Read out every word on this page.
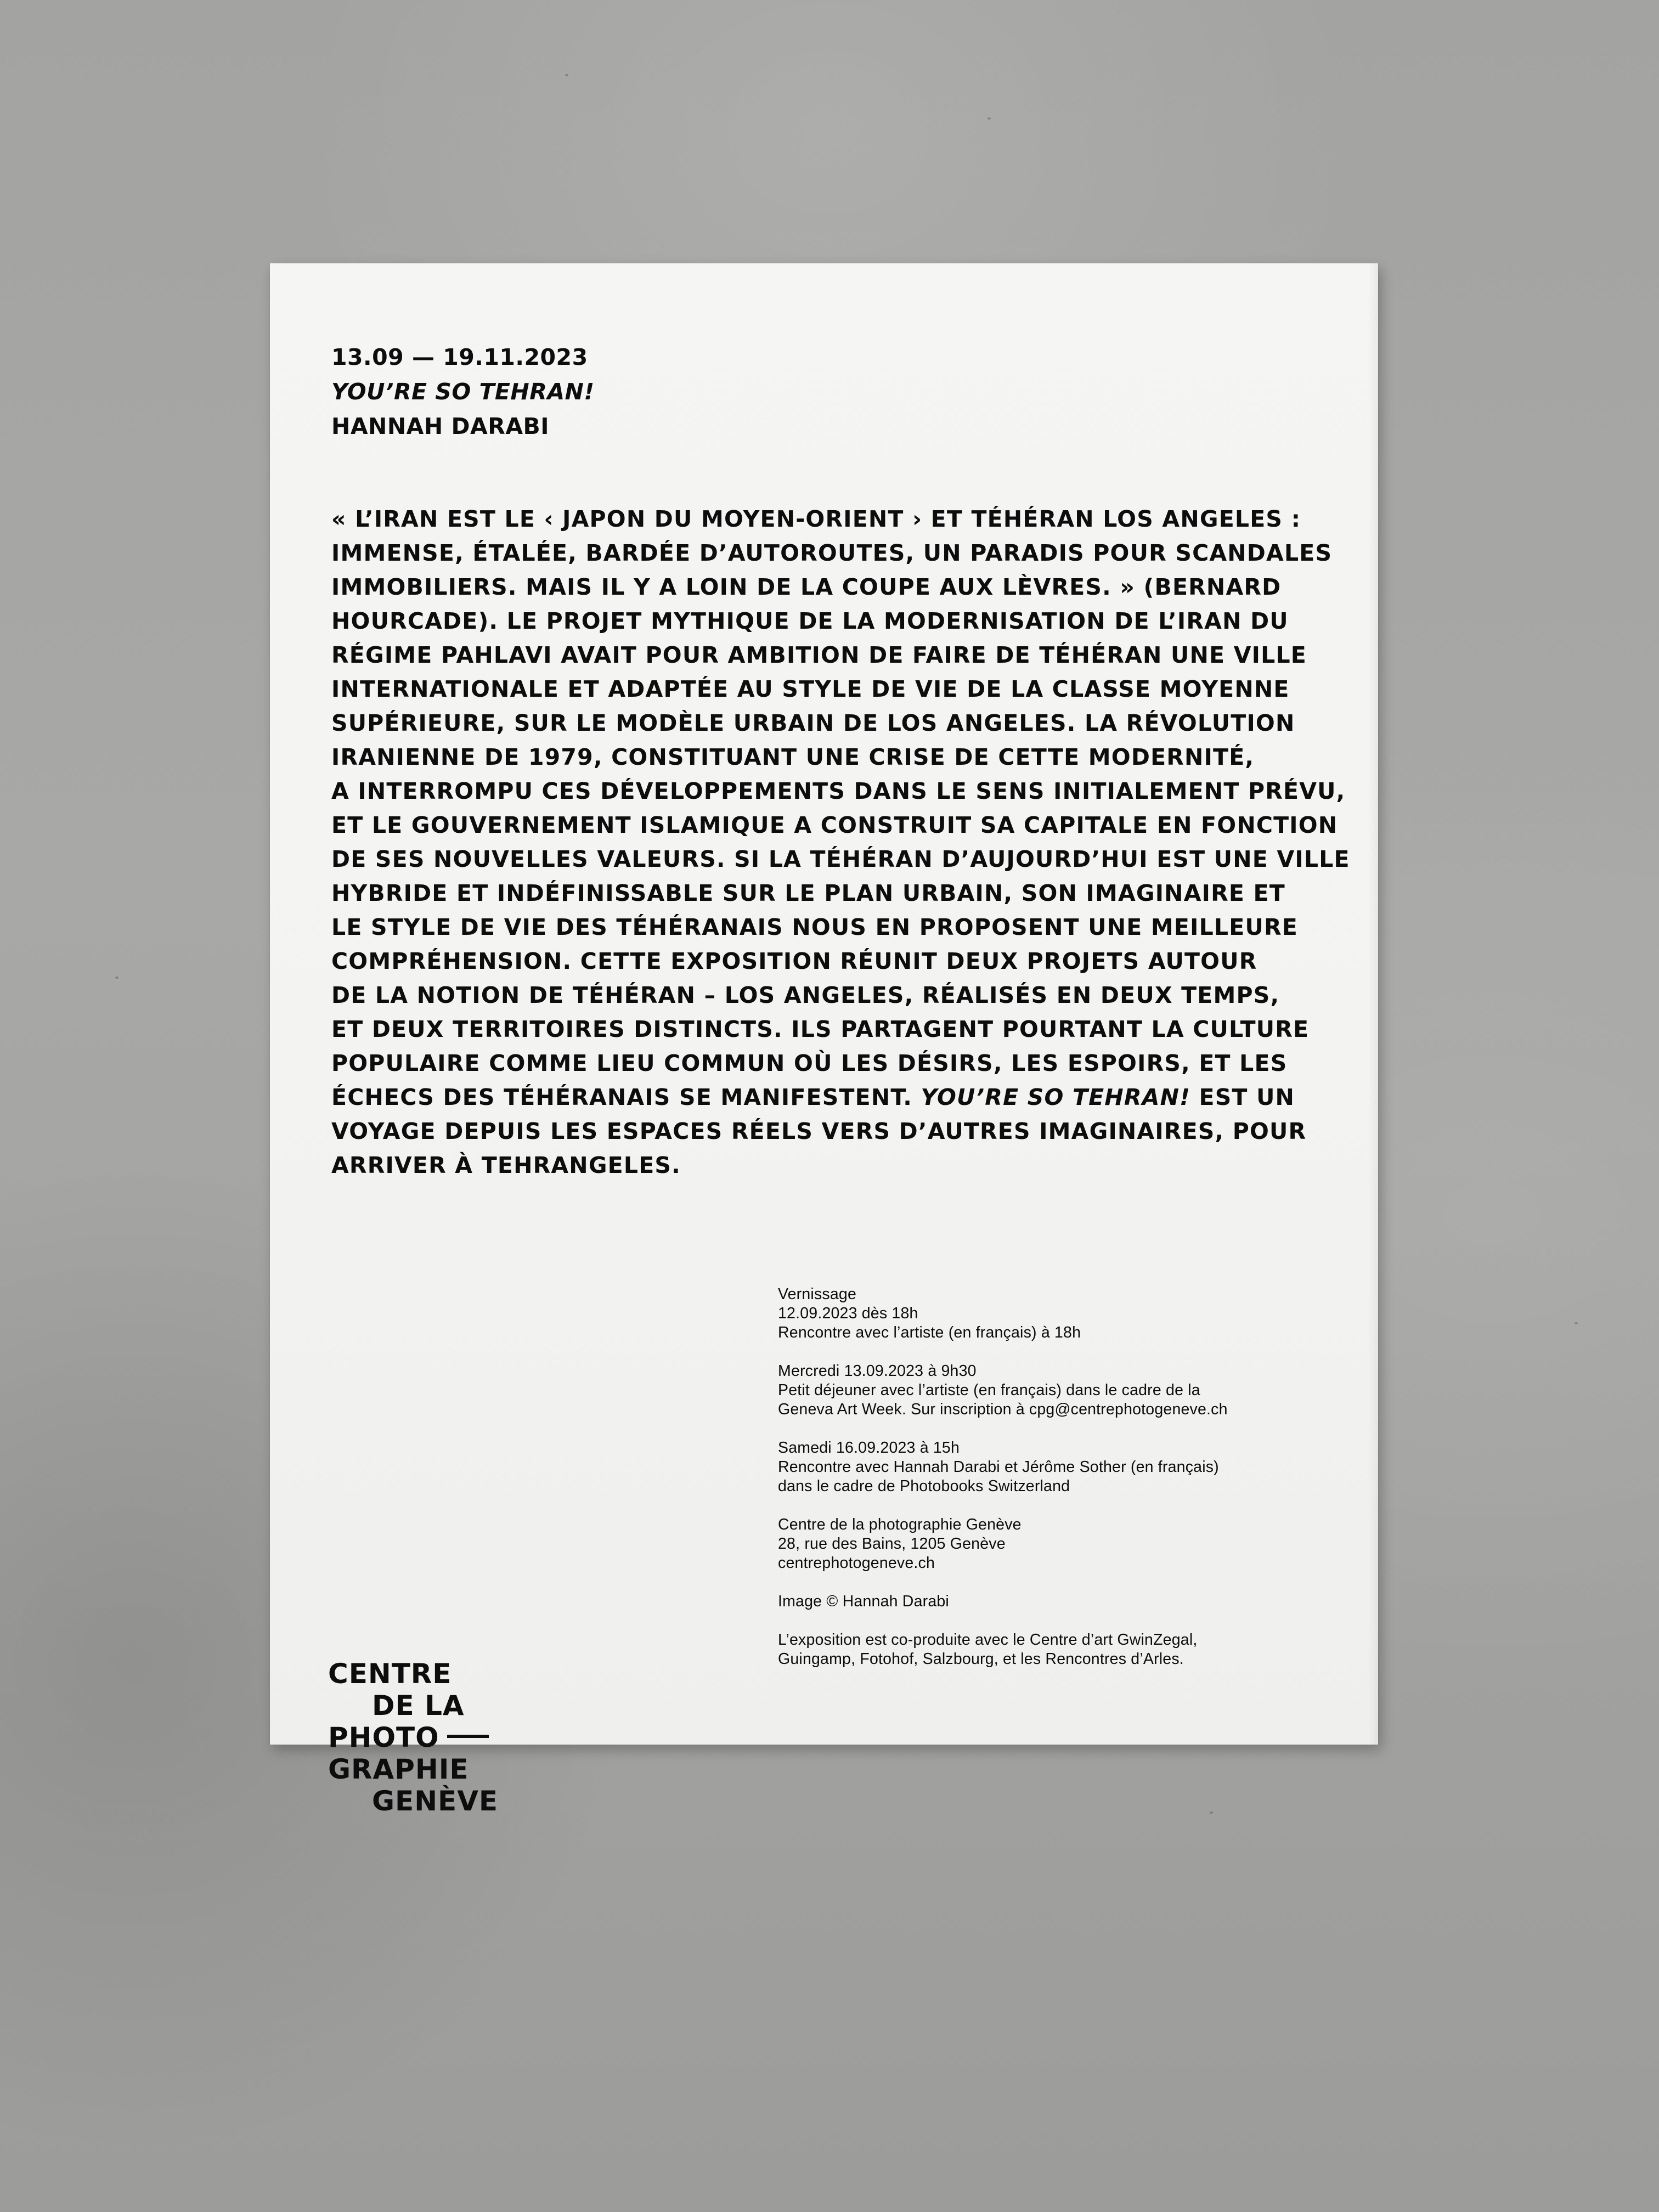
13.09 — 19.11.2023
YOU’RE SO TEHRAN!
HANNAH DARABI
« L’IRAN EST LE ‹ JAPON DU MOYEN-ORIENT › ET TÉHÉRAN LOS ANGELES :
IMMENSE, ÉTALÉE, BARDÉE D’AUTOROUTES, UN PARADIS POUR SCANDALES
IMMOBILIERS. MAIS IL Y A LOIN DE LA COUPE AUX LÈVRES. » (BERNARD
HOURCADE). LE PROJET MYTHIQUE DE LA MODERNISATION DE L’IRAN DU
RÉGIME PAHLAVI AVAIT POUR AMBITION DE FAIRE DE TÉHÉRAN UNE VILLE
INTERNATIONALE ET ADAPTÉE AU STYLE DE VIE DE LA CLASSE MOYENNE
SUPÉRIEURE, SUR LE MODÈLE URBAIN DE LOS ANGELES. LA RÉVOLUTION
IRANIENNE DE 1979, CONSTITUANT UNE CRISE DE CETTE MODERNITÉ,
A INTERROMPU CES DÉVELOPPEMENTS DANS LE SENS INITIALEMENT PRÉVU,
ET LE GOUVERNEMENT ISLAMIQUE A CONSTRUIT SA CAPITALE EN FONCTION
DE SES NOUVELLES VALEURS. SI LA TÉHÉRAN D’AUJOURD’HUI EST UNE VILLE
HYBRIDE ET INDÉFINISSABLE SUR LE PLAN URBAIN, SON IMAGINAIRE ET
LE STYLE DE VIE DES TÉHÉRANAIS NOUS EN PROPOSENT UNE MEILLEURE
COMPRÉHENSION. CETTE EXPOSITION RÉUNIT DEUX PROJETS AUTOUR
DE LA NOTION DE TÉHÉRAN – LOS ANGELES, RÉALISÉS EN DEUX TEMPS,
ET DEUX TERRITOIRES DISTINCTS. ILS PARTAGENT POURTANT LA CULTURE
POPULAIRE COMME LIEU COMMUN OÙ LES DÉSIRS, LES ESPOIRS, ET LES
ÉCHECS DES TÉHÉRANAIS SE MANIFESTENT. YOU’RE SO TEHRAN! EST UN
VOYAGE DEPUIS LES ESPACES RÉELS VERS D’AUTRES IMAGINAIRES, POUR
ARRIVER À TEHRANGELES.
Vernissage
12.09.2023 dès 18h
Rencontre avec l’artiste (en français) à 18h
Mercredi 13.09.2023 à 9h30
Petit déjeuner avec l’artiste (en français) dans le cadre de la
Geneva Art Week. Sur inscription à cpg@centrephotogeneve.ch
Samedi 16.09.2023 à 15h
Rencontre avec Hannah Darabi et Jérôme Sother (en français)
dans le cadre de Photobooks Switzerland
Centre de la photographie Genève
28, rue des Bains, 1205 Genève
centrephotogeneve.ch
Image © Hannah Darabi
L’exposition est co-produite avec le Centre d’art GwinZegal,
Guingamp, Fotohof, Salzbourg, et les Rencontres d’Arles.
CENTRE
DE LA
PHOTO
GRAPHIE
GENÈVE
